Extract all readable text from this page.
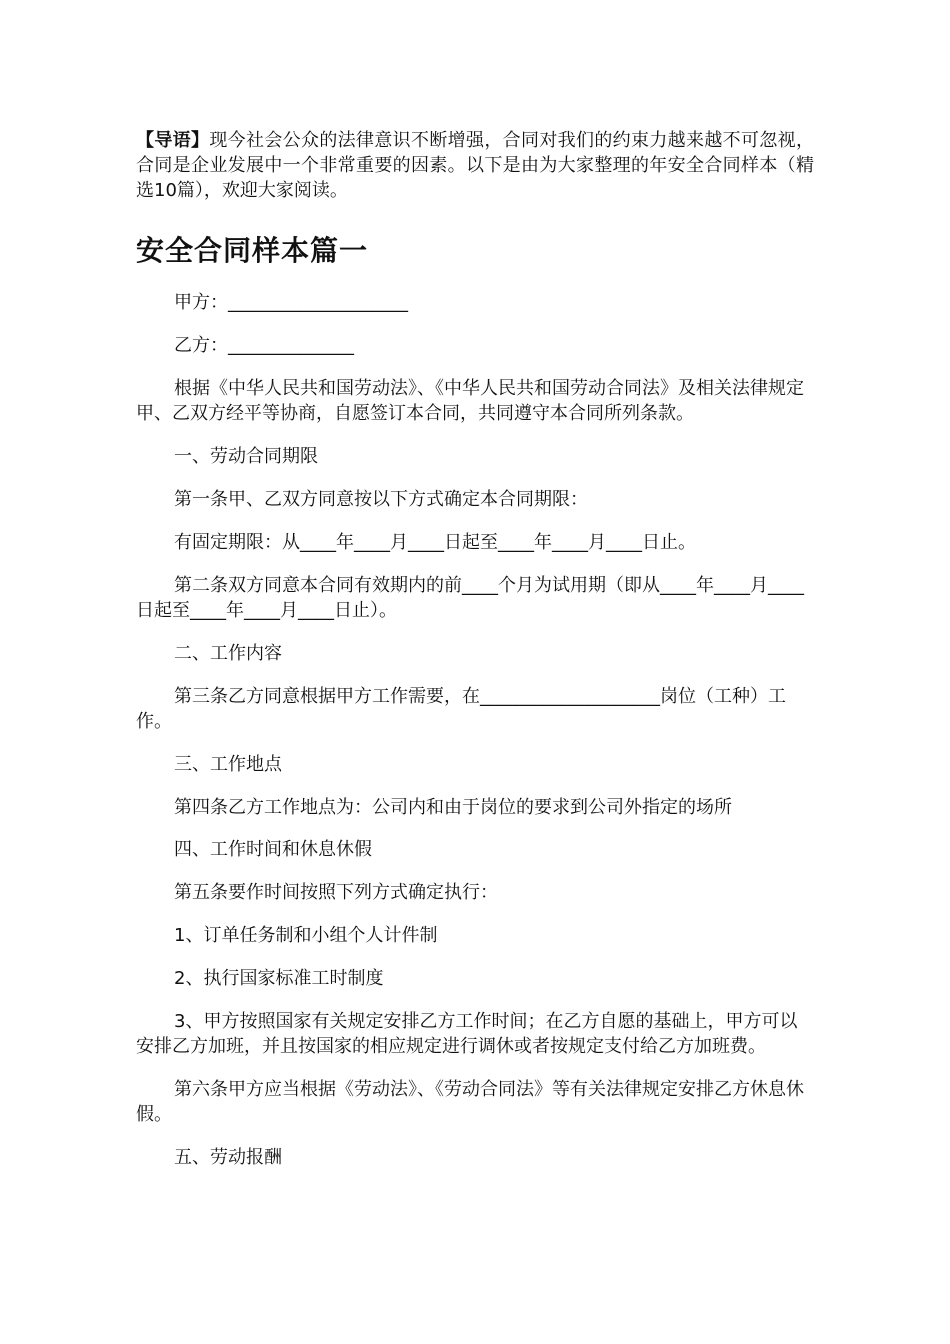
【导语】现今社会公众的法律意识不断增强，合同对我们的约束力越来越不可忽视，合同是企业发展中一个非常重要的因素。以下是由为大家整理的年安全合同样本（精选10篇），欢迎大家阅读。

安全合同样本篇一

甲方：____________________

乙方：______________

根据《中华人民共和国劳动法》、《中华人民共和国劳动合同法》及相关法律规定甲、乙双方经平等协商，自愿签订本合同，共同遵守本合同所列条款。

一、劳动合同期限

第一条甲、乙双方同意按以下方式确定本合同期限：

有固定期限：从____年____月____日起至____年____月____日止。

第二条双方同意本合同有效期内的前____个月为试用期（即从____年____月____日起至____年____月____日止）。

二、工作内容

第三条乙方同意根据甲方工作需要，在____________________岗位（工种）工作。

三、工作地点

第四条乙方工作地点为：公司内和由于岗位的要求到公司外指定的场所

四、工作时间和休息休假

第五条要作时间按照下列方式确定执行：

1、订单任务制和小组个人计件制

2、执行国家标准工时制度

3、甲方按照国家有关规定安排乙方工作时间；在乙方自愿的基础上，甲方可以安排乙方加班，并且按国家的相应规定进行调休或者按规定支付给乙方加班费。

第六条甲方应当根据《劳动法》、《劳动合同法》等有关法律规定安排乙方休息休假。

五、劳动报酬
